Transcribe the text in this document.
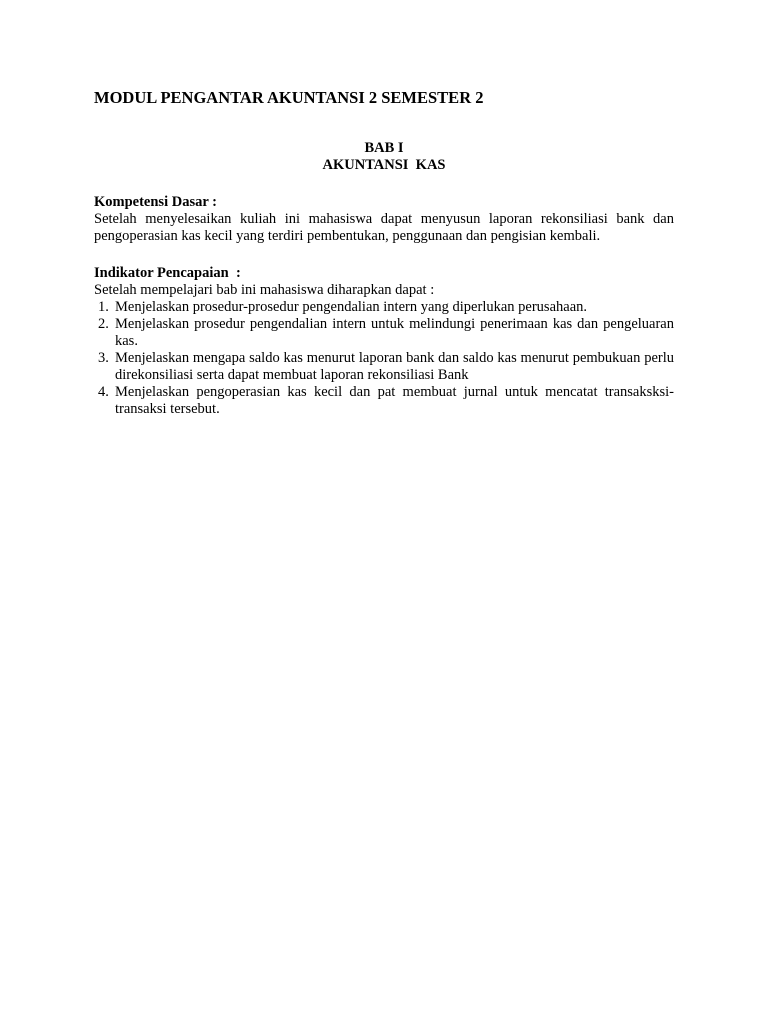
MODUL PENGANTAR AKUNTANSI 2 SEMESTER 2
BAB I
AKUNTANSI  KAS
Kompetensi Dasar :
Setelah menyelesaikan kuliah ini mahasiswa dapat menyusun laporan rekonsiliasi bank dan pengoperasian kas kecil yang terdiri pembentukan, penggunaan dan pengisian kembali.
Indikator Pencapaian  :
Setelah mempelajari bab ini mahasiswa diharapkan dapat :
1. Menjelaskan prosedur-prosedur pengendalian intern yang diperlukan perusahaan.
2. Menjelaskan prosedur pengendalian intern untuk melindungi penerimaan kas dan pengeluaran kas.
3. Menjelaskan mengapa saldo kas menurut laporan bank dan saldo kas menurut pembukuan perlu direkonsiliasi serta dapat membuat laporan rekonsiliasi Bank
4. Menjelaskan pengoperasian kas kecil dan pat membuat jurnal untuk mencatat transaksksi-transaksi tersebut.
